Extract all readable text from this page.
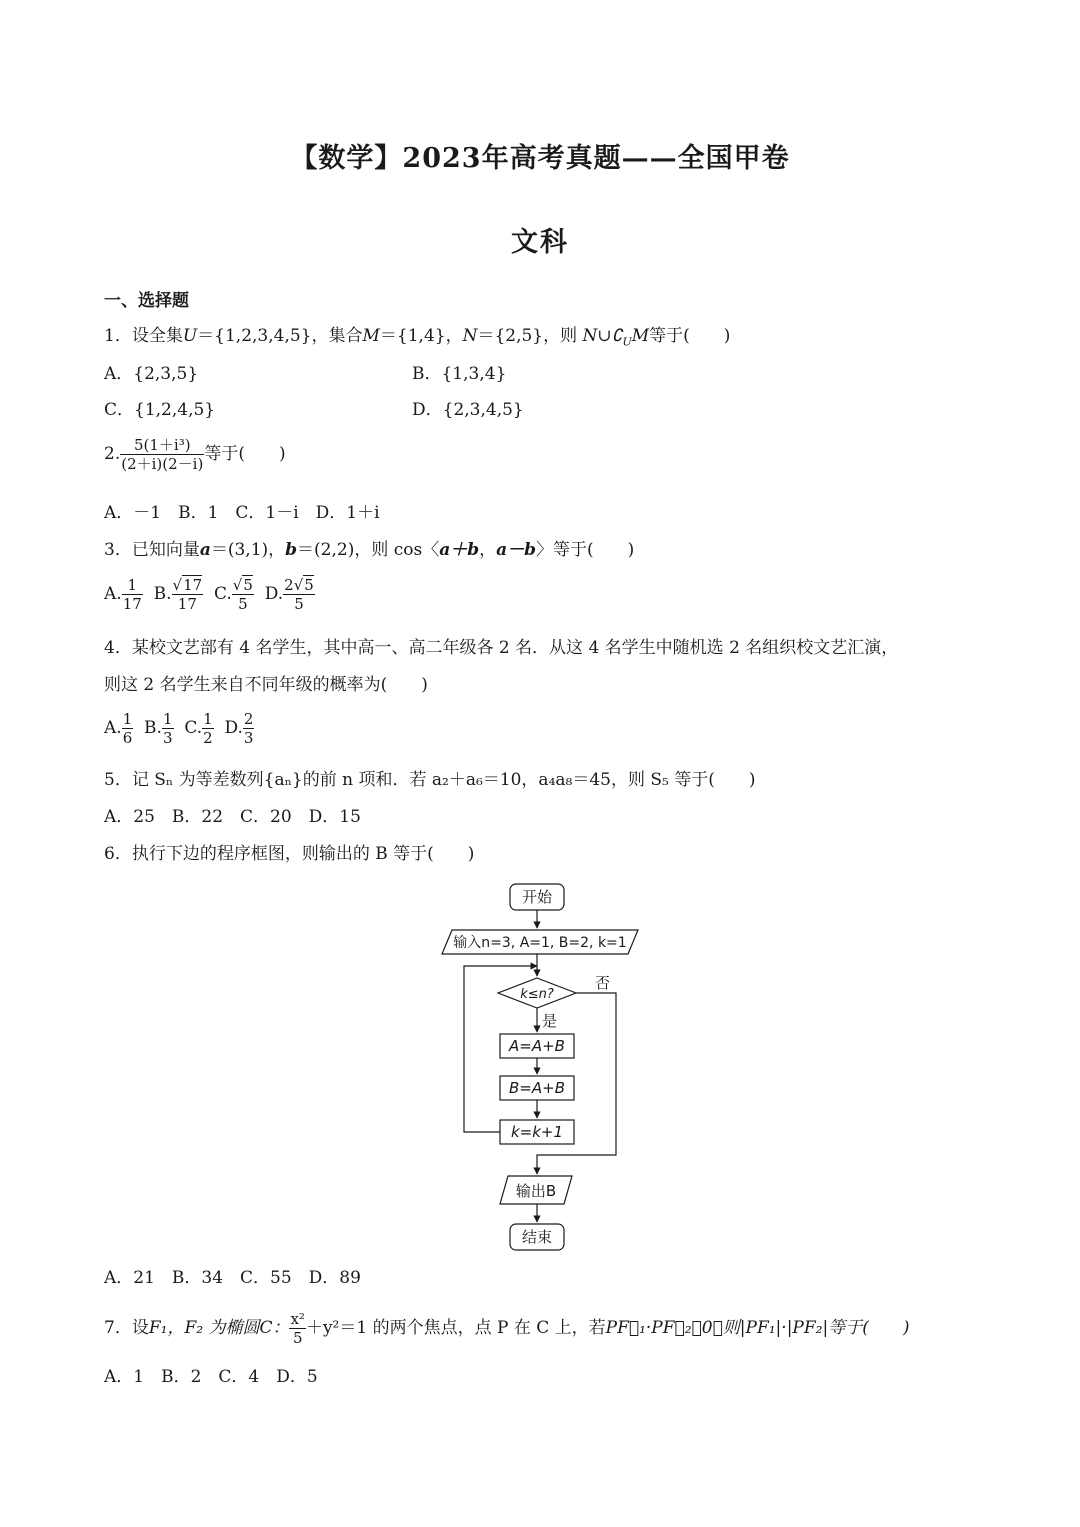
【数学】2023年高考真题——全国甲卷
文科
一、选择题
1．设全集U＝{1,2,3,4,5}，集合M＝{1,4}，N＝{2,5}，则 $N\cup∁_UM$等于(　　)
A．{2,3,5}	B．{1,3,4}
C．{1,2,4,5}	D．{2,3,4,5}
2. $\frac{\text{5(1＋i³)}}{(2+i)(2-i)}$ 等于(　　)
A．－1　B．1　C．1－i　D．1＋i
3．已知向量a＝(3,1)，b＝(2,2)，则 cos〈a＋b，a－b〉等于(　　)
A. $\frac{1}{17} B$. $\frac{√17}{17} C$. $\frac{√5}{5} D$. $\frac{2√5}{5}$
4．某校文艺部有 4 名学生，其中高一、高二年级各 2 名．从这 4 名学生中随机选 2 名组织校文艺汇演，
则这 2 名学生来自不同年级的概率为(　　)
A. $\frac{1}{6} B$. $\frac{1}{3} C$. $\frac{1}{2} D$. $\frac{2}{3}$
5．记 Sₙ 为等差数列{aₙ}的前 n 项和．若 a₂＋a₆＝10，a₄a₈＝45，则 S₅ 等于(　　)
A．25　B．22　C．20　D．15
6．执行下边的程序框图，则输出的 B 等于(　　)
开始
输入n=3, A=1, B=2, k=1
k≤n?
否
是
A=A+B
B=A+B
k=k+1
输出B
结束
A．21　B．34　C．55　D．89
7．设F₁，F₂ 为椭圆C： $\frac{\text{x²}}{5} +y^2=1$ 的两个焦点，点 P 在 C 上，若PF⃗₁·PF⃗₂＝0，则|PF₁|·|PF₂|等于(　　)
A．1　B．2　C．4　D．5
